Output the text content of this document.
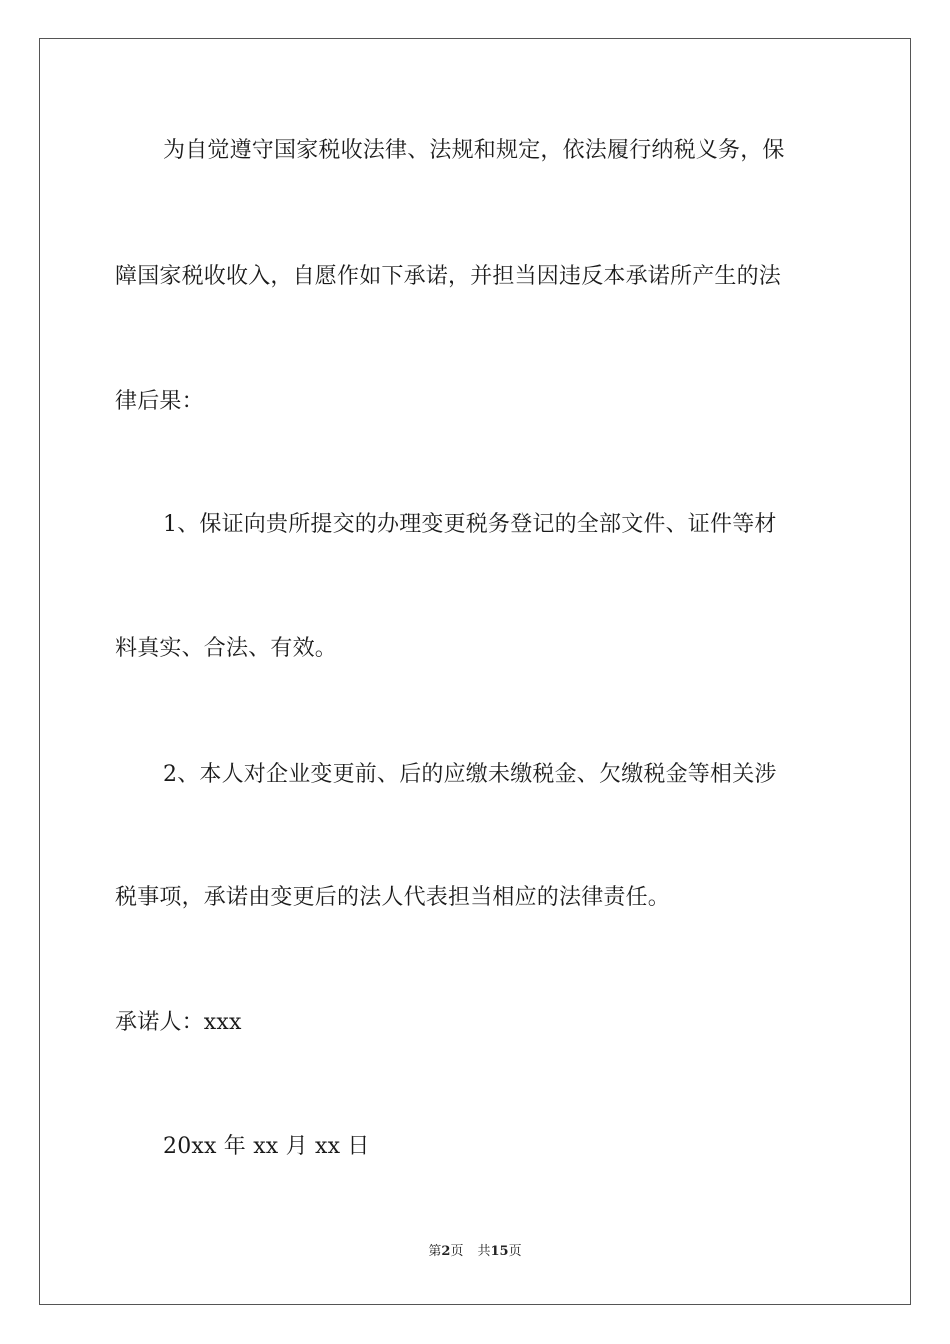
为自觉遵守国家税收法律、法规和规定，依法履行纳税义务，保
障国家税收收入，自愿作如下承诺，并担当因违反本承诺所产生的法
律后果：
1、保证向贵所提交的办理变更税务登记的全部文件、证件等材
料真实、合法、有效。
2、本人对企业变更前、后的应缴未缴税金、欠缴税金等相关涉
税事项，承诺由变更后的法人代表担当相应的法律责任。
承诺人：xxx
20xx 年 xx 月 xx 日
第2页 共15页
